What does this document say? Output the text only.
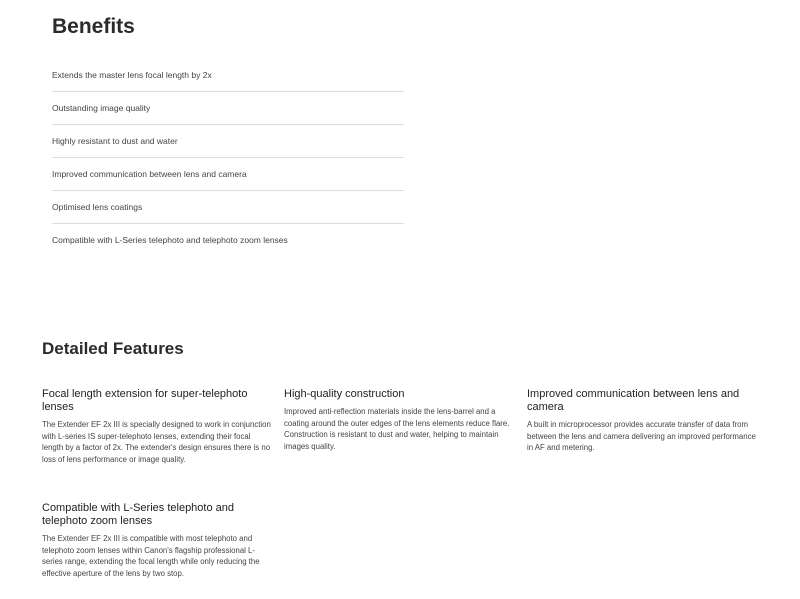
Benefits
Extends the master lens focal length by 2x
Outstanding image quality
Highly resistant to dust and water
Improved communication between lens and camera
Optimised lens coatings
Compatible with L-Series telephoto and telephoto zoom lenses
Detailed Features
Focal length extension for super-telephoto lenses

The Extender EF 2x III is specially designed to work in conjunction with L-series IS super-telephoto lenses, extending their focal length by a factor of 2x. The extender's design ensures there is no loss of lens performance or image quality.

High-quality construction

Improved anti-reflection materials inside the lens-barrel and a coating around the outer edges of the lens elements reduce flare. Construction is resistant to dust and water, helping to maintain images quality.

Improved communication between lens and camera

A built in microprocessor provides accurate transfer of data from between the lens and camera delivering an improved performance in AF and metering.

Compatible with L-Series telephoto and telephoto zoom lenses

The Extender EF 2x III is compatible with most telephoto and telephoto zoom lenses within Canon's flagship professional L-series range, extending the focal length while only reducing the effective aperture of the lens by two stop.
